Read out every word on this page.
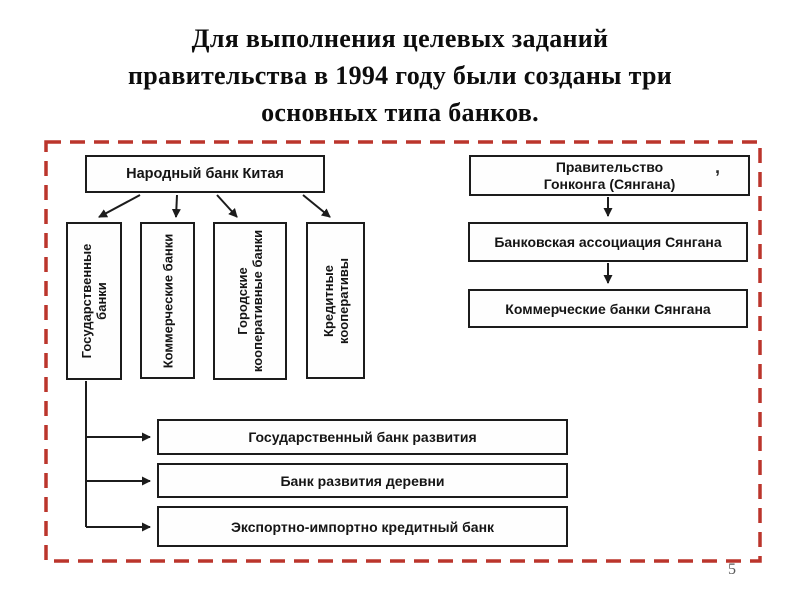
Для выполнения целевых заданий
правительства в 1994 году были созданы три
основных типа банков.
Народный банк Китая
Государственные банки	Коммерческие банки	Городские кооперативные банки	Кредитные кооперативы
Правительство
Гонконга (Сянгана)
,
Банковская ассоциация Сянгана
Коммерческие банки Сянгана
Государственный банк развития
Банк развития деревни
Экспортно-импортно кредитный банк
5
